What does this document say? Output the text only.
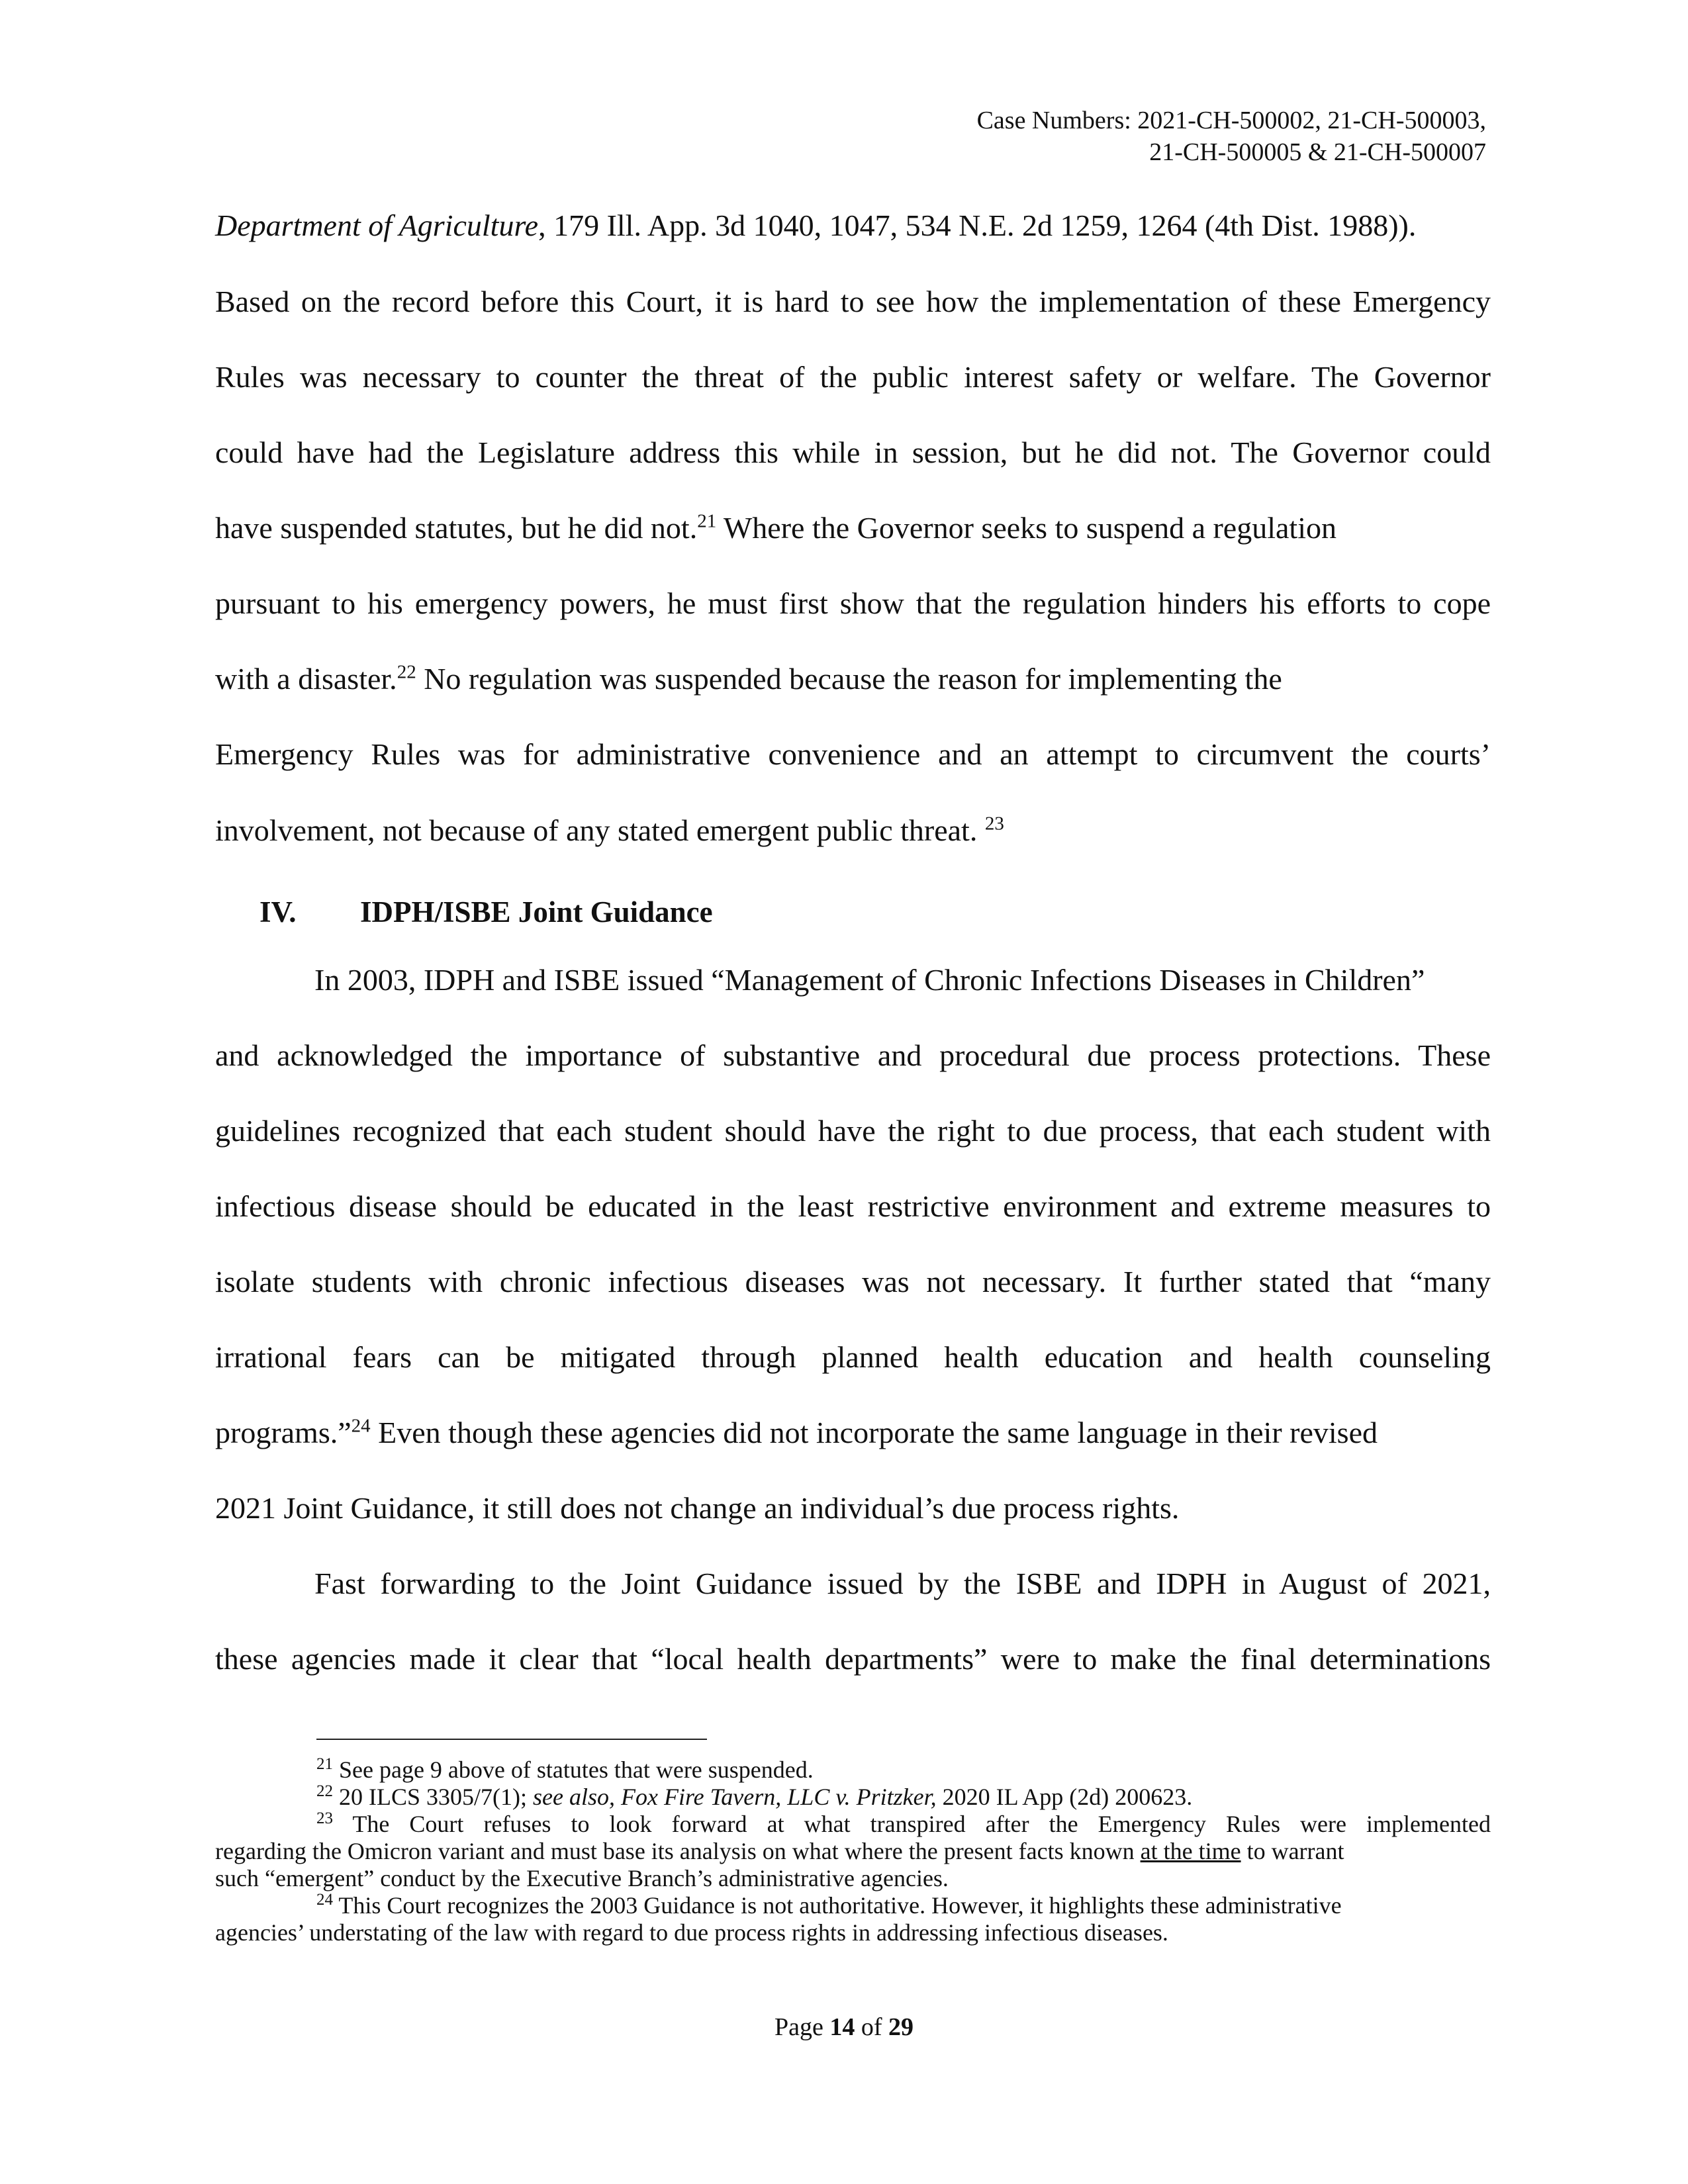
Case Numbers: 2021-CH-500002, 21-CH-500003,
21-CH-500005 & 21-CH-500007
Department of Agriculture, 179 Ill. App. 3d 1040, 1047, 534 N.E. 2d 1259, 1264 (4th Dist. 1988)).
Based on the record before this Court, it is hard to see how the implementation of these Emergency
Rules was necessary to counter the threat of the public interest safety or welfare. The Governor
could have had the Legislature address this while in session, but he did not. The Governor could
have suspended statutes, but he did not.$^{21}$ Where the Governor seeks to suspend a regulation
pursuant to his emergency powers, he must first show that the regulation hinders his efforts to cope
with a disaster.$^{22}$ No regulation was suspended because the reason for implementing the
Emergency Rules was for administrative convenience and an attempt to circumvent the courts’
involvement, not because of any stated emergent public threat. $^{23}$
IV. IDPH/ISBE Joint Guidance
In 2003, IDPH and ISBE issued “Management of Chronic Infections Diseases in Children”
and acknowledged the importance of substantive and procedural due process protections. These
guidelines recognized that each student should have the right to due process, that each student with
infectious disease should be educated in the least restrictive environment and extreme measures to
isolate students with chronic infectious diseases was not necessary. It further stated that “many
irrational fears can be mitigated through planned health education and health counseling
programs.”$^{24}$ Even though these agencies did not incorporate the same language in their revised
2021 Joint Guidance, it still does not change an individual’s due process rights.
Fast forwarding to the Joint Guidance issued by the ISBE and IDPH in August of 2021,
these agencies made it clear that “local health departments” were to make the final determinations
$^{21}$ See page 9 above of statutes that were suspended.
$^{22}$ 20 ILCS 3305/7(1); see also, Fox Fire Tavern, LLC v. Pritzker, 2020 IL App (2d) 200623.
$^{23}$ The Court refuses to look forward at what transpired after the Emergency Rules were implemented
regarding the Omicron variant and must base its analysis on what where the present facts known at the time to warrant
such “emergent” conduct by the Executive Branch’s administrative agencies.
$^{24}$ This Court recognizes the 2003 Guidance is not authoritative. However, it highlights these administrative
agencies’ understating of the law with regard to due process rights in addressing infectious diseases.
Page 14 of 29
